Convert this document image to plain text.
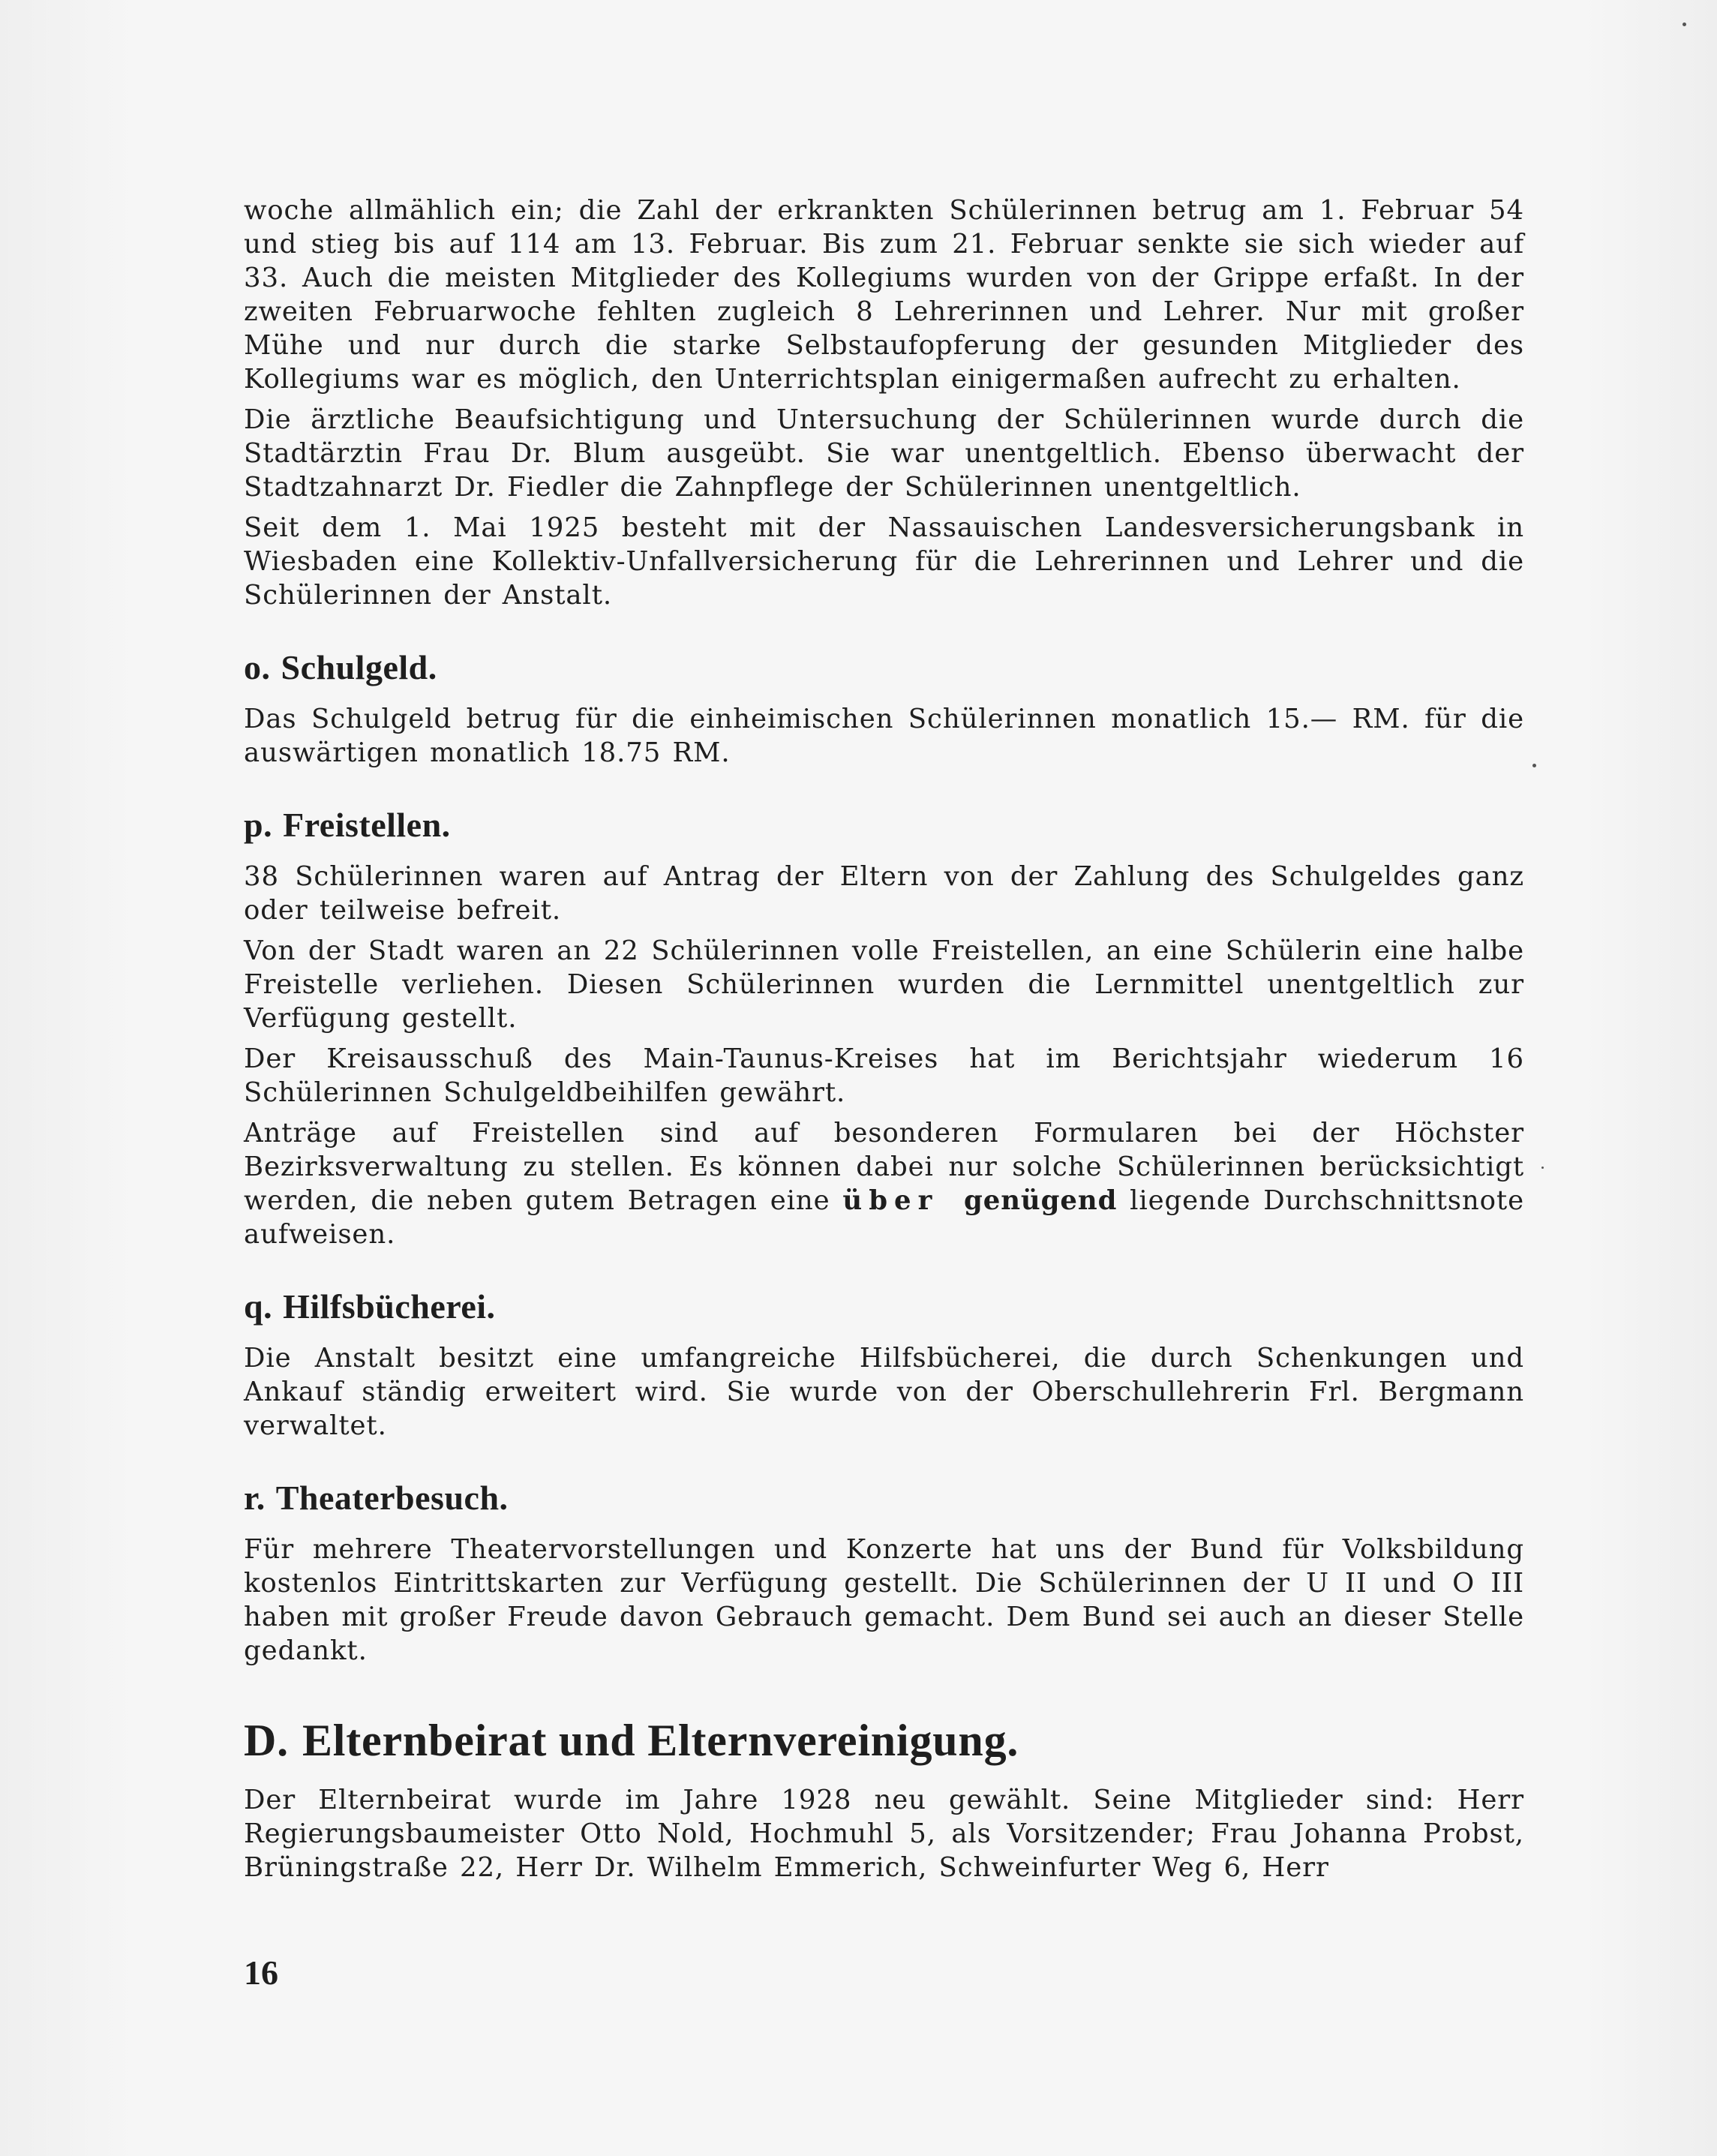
woche allmählich ein; die Zahl der erkrankten Schülerinnen betrug am 1. Februar 54 und stieg bis auf 114 am 13. Februar. Bis zum 21. Februar senkte sie sich wieder auf 33. Auch die meisten Mitglieder des Kollegiums wurden von der Grippe erfaßt. In der zweiten Februarwoche fehlten zugleich 8 Lehrerinnen und Lehrer. Nur mit großer Mühe und nur durch die starke Selbstaufopferung der gesunden Mitglieder des Kollegiums war es möglich, den Unterrichtsplan einigermaßen aufrecht zu erhalten.

Die ärztliche Beaufsichtigung und Untersuchung der Schülerinnen wurde durch die Stadtärztin Frau Dr. Blum ausgeübt. Sie war unentgeltlich. Ebenso überwacht der Stadtzahnarzt Dr. Fiedler die Zahnpflege der Schülerinnen unentgeltlich.

Seit dem 1. Mai 1925 besteht mit der Nassauischen Landesversicherungsbank in Wiesbaden eine Kollektiv-Unfallversicherung für die Lehrerinnen und Lehrer und die Schülerinnen der Anstalt.

o. Schulgeld.

Das Schulgeld betrug für die einheimischen Schülerinnen monatlich 15.— RM. für die auswärtigen monatlich 18.75 RM.

p. Freistellen.

38 Schülerinnen waren auf Antrag der Eltern von der Zahlung des Schulgeldes ganz oder teilweise befreit.

Von der Stadt waren an 22 Schülerinnen volle Freistellen, an eine Schülerin eine halbe Freistelle verliehen. Diesen Schülerinnen wurden die Lernmittel unentgeltlich zur Verfügung gestellt.

Der Kreisausschuß des Main-Taunus-Kreises hat im Berichtsjahr wiederum 16 Schülerinnen Schulgeldbeihilfen gewährt.

Anträge auf Freistellen sind auf besonderen Formularen bei der Höchster Bezirksverwaltung zu stellen. Es können dabei nur solche Schülerinnen berücksichtigt werden, die neben gutem Betragen eine über genügend liegende Durchschnittsnote aufweisen.

q. Hilfsbücherei.

Die Anstalt besitzt eine umfangreiche Hilfsbücherei, die durch Schenkungen und Ankauf ständig erweitert wird. Sie wurde von der Oberschullehrerin Frl. Bergmann verwaltet.

r. Theaterbesuch.

Für mehrere Theatervorstellungen und Konzerte hat uns der Bund für Volksbildung kostenlos Eintrittskarten zur Verfügung gestellt. Die Schülerinnen der U II und O III haben mit großer Freude davon Gebrauch gemacht. Dem Bund sei auch an dieser Stelle gedankt.

D. Elternbeirat und Elternvereinigung.

Der Elternbeirat wurde im Jahre 1928 neu gewählt. Seine Mitglieder sind: Herr Regierungsbaumeister Otto Nold, Hochmuhl 5, als Vorsitzender; Frau Johanna Probst, Brüningstraße 22, Herr Dr. Wilhelm Emmerich, Schweinfurter Weg 6, Herr

16
